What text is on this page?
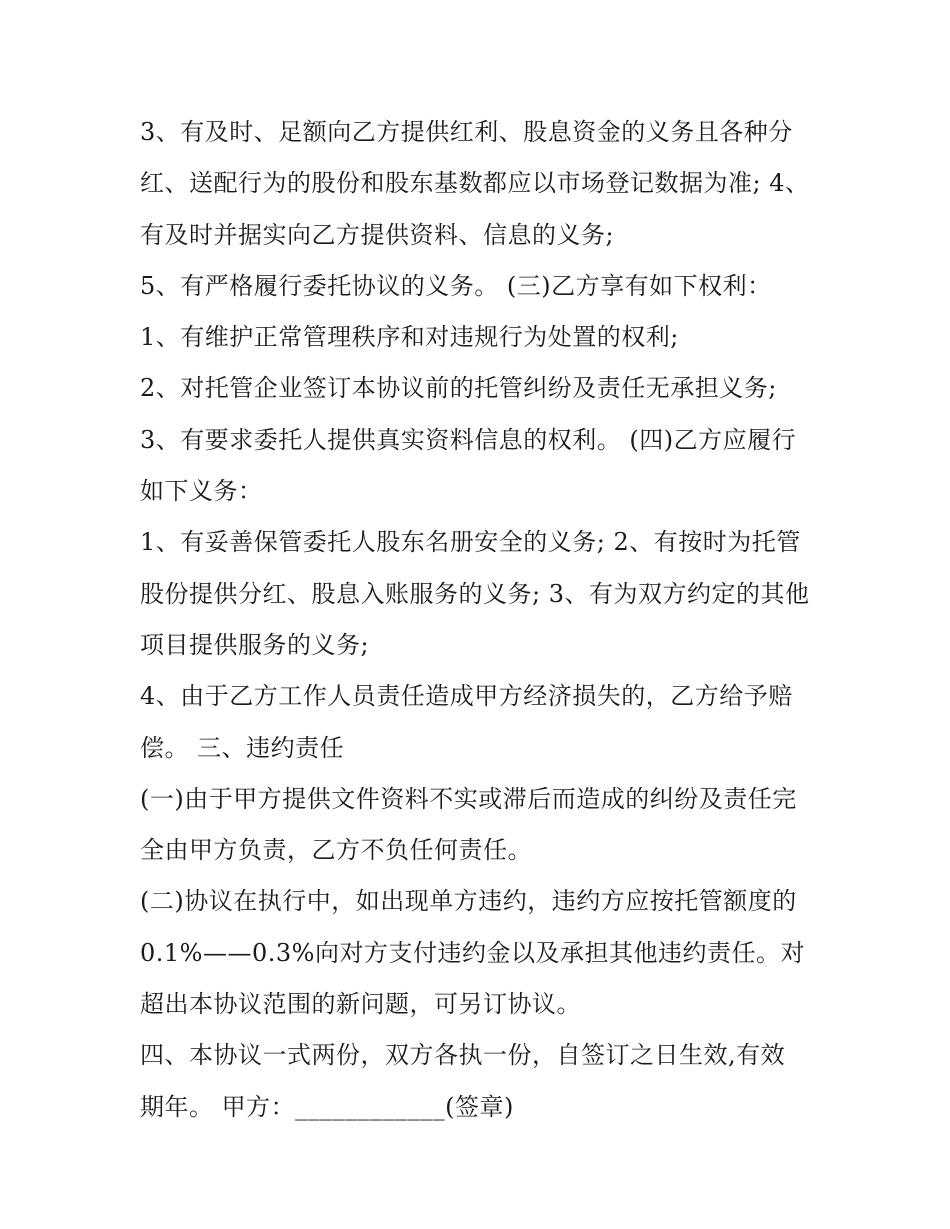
3、有及时、足额向乙方提供红利、股息资金的义务且各种分
红、送配行为的股份和股东基数都应以市场登记数据为准; 4、
有及时并据实向乙方提供资料、信息的义务;
5、有严格履行委托协议的义务。 (三)乙方享有如下权利：
1、有维护正常管理秩序和对违规行为处置的权利;
2、对托管企业签订本协议前的托管纠纷及责任无承担义务;
3、有要求委托人提供真实资料信息的权利。 (四)乙方应履行
如下义务：
1、有妥善保管委托人股东名册安全的义务; 2、有按时为托管
股份提供分红、股息入账服务的义务; 3、有为双方约定的其他
项目提供服务的义务;
4、由于乙方工作人员责任造成甲方经济损失的，乙方给予赔
偿。 三、违约责任
(一)由于甲方提供文件资料不实或滞后而造成的纠纷及责任完
全由甲方负责，乙方不负任何责任。
(二)协议在执行中，如出现单方违约，违约方应按托管额度的
0.1%——0.3%向对方支付违约金以及承担其他违约责任。对
超出本协议范围的新问题，可另订协议。
四、本协议一式两份，双方各执一份，自签订之日生效,有效
期年。 甲方：____________(签章)
